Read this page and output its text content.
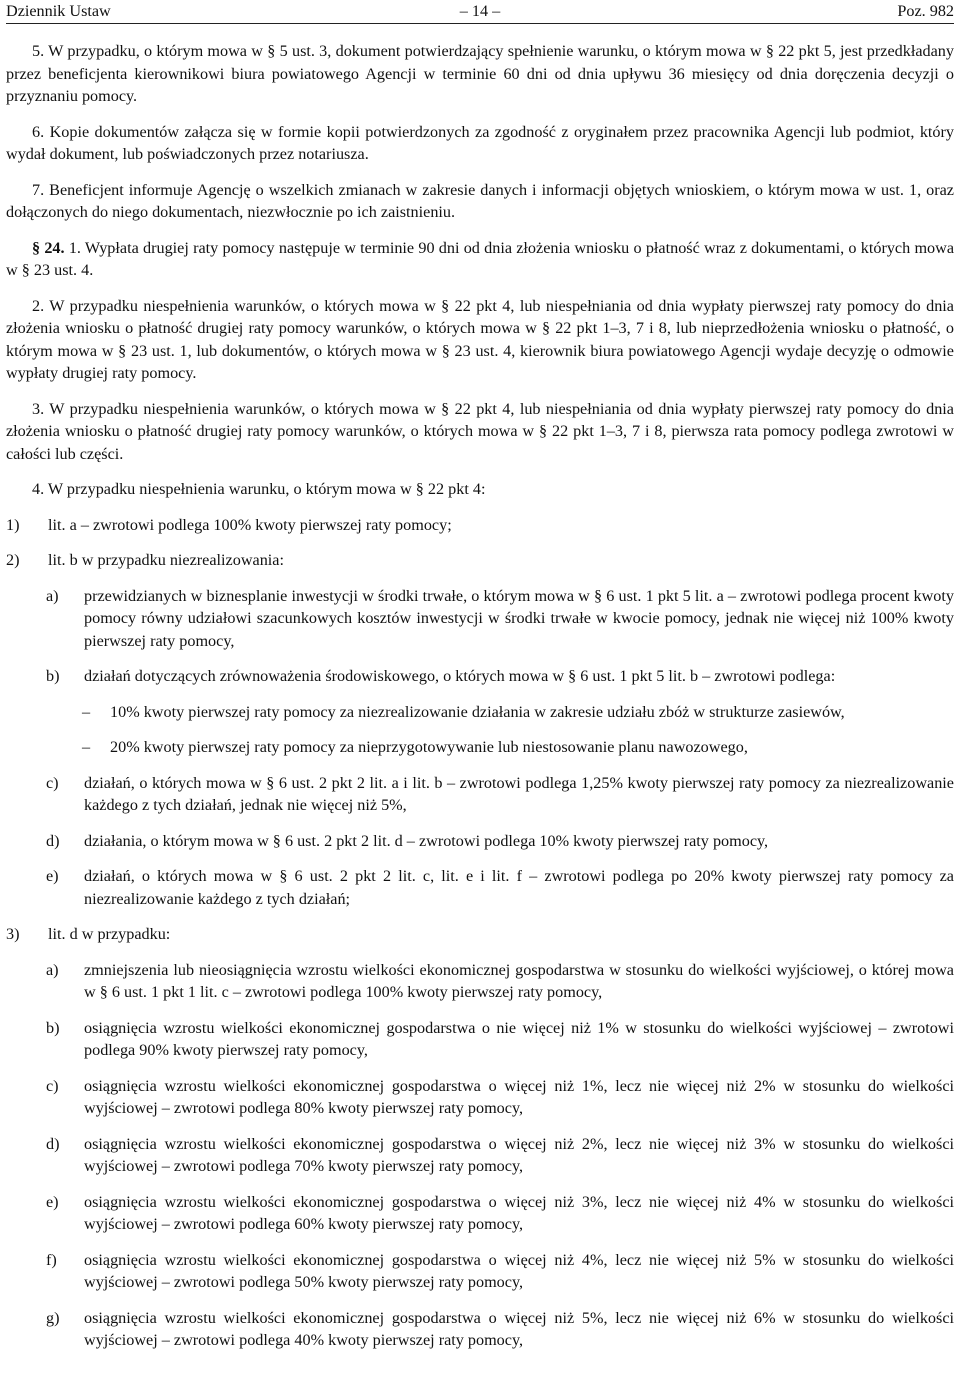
Dziennik Ustaw	– 14 –	Poz. 982

5. W przypadku, o którym mowa w § 5 ust. 3, dokument potwierdzający spełnienie warunku, o którym mowa w § 22 pkt 5, jest przedkładany przez beneficjenta kierownikowi biura powiatowego Agencji w terminie 60 dni od dnia upływu 36 miesięcy od dnia doręczenia decyzji o przyznaniu pomocy.

6. Kopie dokumentów załącza się w formie kopii potwierdzonych za zgodność z oryginałem przez pracownika Agencji lub podmiot, który wydał dokument, lub poświadczonych przez notariusza.

7. Beneficjent informuje Agencję o wszelkich zmianach w zakresie danych i informacji objętych wnioskiem, o którym mowa w ust. 1, oraz dołączonych do niego dokumentach, niezwłocznie po ich zaistnieniu.

§ 24. 1. Wypłata drugiej raty pomocy następuje w terminie 90 dni od dnia złożenia wniosku o płatność wraz z dokumentami, o których mowa w § 23 ust. 4.

2. W przypadku niespełnienia warunków, o których mowa w § 22 pkt 4, lub niespełniania od dnia wypłaty pierwszej raty pomocy do dnia złożenia wniosku o płatność drugiej raty pomocy warunków, o których mowa w § 22 pkt 1–3, 7 i 8, lub nieprzedłożenia wniosku o płatność, o którym mowa w § 23 ust. 1, lub dokumentów, o których mowa w § 23 ust. 4, kierownik biura powiatowego Agencji wydaje decyzję o odmowie wypłaty drugiej raty pomocy.

3. W przypadku niespełnienia warunków, o których mowa w § 22 pkt 4, lub niespełniania od dnia wypłaty pierwszej raty pomocy do dnia złożenia wniosku o płatność drugiej raty pomocy warunków, o których mowa w § 22 pkt 1–3, 7 i 8, pierwsza rata pomocy podlega zwrotowi w całości lub części.

4. W przypadku niespełnienia warunku, o którym mowa w § 22 pkt 4:

1)	lit. a – zwrotowi podlega 100% kwoty pierwszej raty pomocy;
2)	lit. b w przypadku niezrealizowania:
a)	przewidzianych w biznesplanie inwestycji w środki trwałe, o którym mowa w § 6 ust. 1 pkt 5 lit. a – zwrotowi podlega procent kwoty pomocy równy udziałowi szacunkowych kosztów inwestycji w środki trwałe w kwocie pomocy, jednak nie więcej niż 100% kwoty pierwszej raty pomocy,
b)	działań dotyczących zrównoważenia środowiskowego, o których mowa w § 6 ust. 1 pkt 5 lit. b – zwrotowi podlega:
–	10% kwoty pierwszej raty pomocy za niezrealizowanie działania w zakresie udziału zbóż w strukturze zasiewów,
–	20% kwoty pierwszej raty pomocy za nieprzygotowywanie lub niestosowanie planu nawozowego,
c)	działań, o których mowa w § 6 ust. 2 pkt 2 lit. a i lit. b – zwrotowi podlega 1,25% kwoty pierwszej raty pomocy za niezrealizowanie każdego z tych działań, jednak nie więcej niż 5%,
d)	działania, o którym mowa w § 6 ust. 2 pkt 2 lit. d – zwrotowi podlega 10% kwoty pierwszej raty pomocy,
e)	działań, o których mowa w § 6 ust. 2 pkt 2 lit. c, lit. e i lit. f – zwrotowi podlega po 20% kwoty pierwszej raty pomocy za niezrealizowanie każdego z tych działań;
3)	lit. d w przypadku:
a)	zmniejszenia lub nieosiągnięcia wzrostu wielkości ekonomicznej gospodarstwa w stosunku do wielkości wyjściowej, o której mowa w § 6 ust. 1 pkt 1 lit. c – zwrotowi podlega 100% kwoty pierwszej raty pomocy,
b)	osiągnięcia wzrostu wielkości ekonomicznej gospodarstwa o nie więcej niż 1% w stosunku do wielkości wyjściowej – zwrotowi podlega 90% kwoty pierwszej raty pomocy,
c)	osiągnięcia wzrostu wielkości ekonomicznej gospodarstwa o więcej niż 1%, lecz nie więcej niż 2% w stosunku do wielkości wyjściowej – zwrotowi podlega 80% kwoty pierwszej raty pomocy,
d)	osiągnięcia wzrostu wielkości ekonomicznej gospodarstwa o więcej niż 2%, lecz nie więcej niż 3% w stosunku do wielkości wyjściowej – zwrotowi podlega 70% kwoty pierwszej raty pomocy,
e)	osiągnięcia wzrostu wielkości ekonomicznej gospodarstwa o więcej niż 3%, lecz nie więcej niż 4% w stosunku do wielkości wyjściowej – zwrotowi podlega 60% kwoty pierwszej raty pomocy,
f)	osiągnięcia wzrostu wielkości ekonomicznej gospodarstwa o więcej niż 4%, lecz nie więcej niż 5% w stosunku do wielkości wyjściowej – zwrotowi podlega 50% kwoty pierwszej raty pomocy,
g)	osiągnięcia wzrostu wielkości ekonomicznej gospodarstwa o więcej niż 5%, lecz nie więcej niż 6% w stosunku do wielkości wyjściowej – zwrotowi podlega 40% kwoty pierwszej raty pomocy,
